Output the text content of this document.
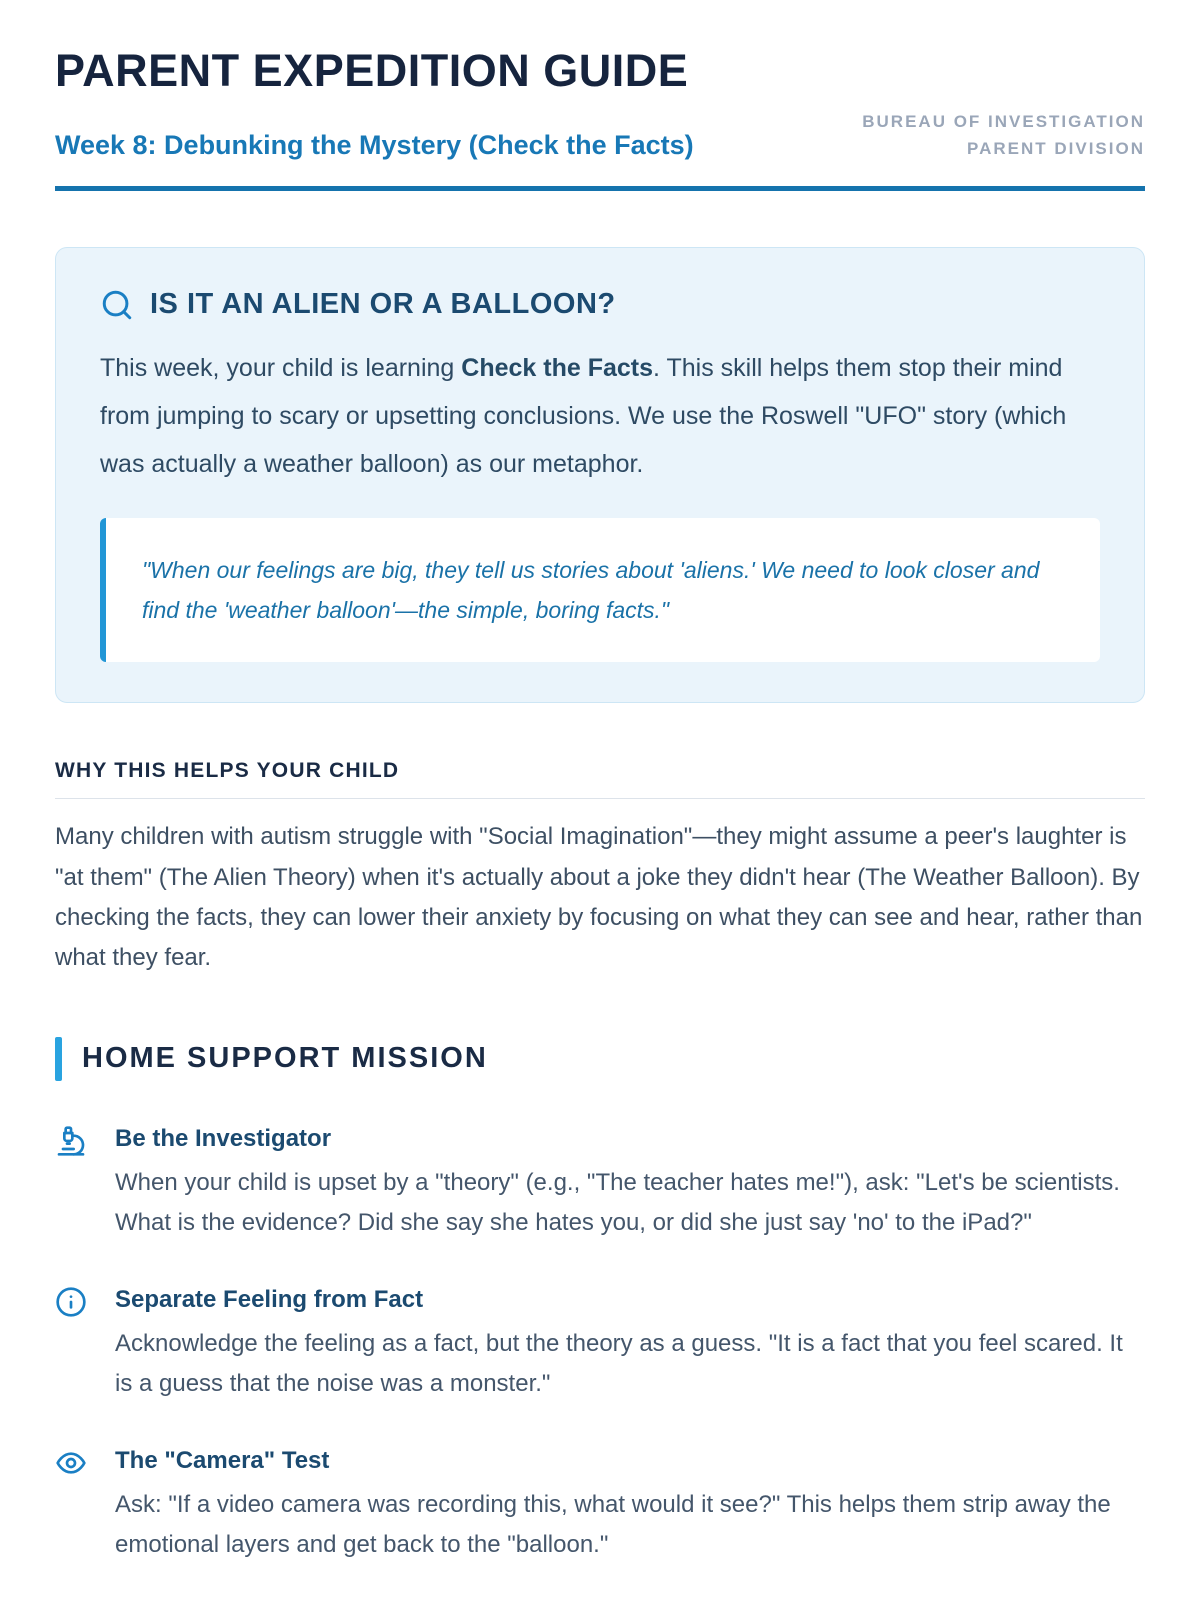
PARENT EXPEDITION GUIDE
Week 8: Debunking the Mystery (Check the Facts)
BUREAU OF INVESTIGATION
PARENT DIVISION
IS IT AN ALIEN OR A BALLOON?
This week, your child is learning Check the Facts. This skill helps them stop their mind from jumping to scary or upsetting conclusions. We use the Roswell "UFO" story (which was actually a weather balloon) as our metaphor.
"When our feelings are big, they tell us stories about 'aliens.' We need to look closer and find the 'weather balloon'—the simple, boring facts."
WHY THIS HELPS YOUR CHILD
Many children with autism struggle with "Social Imagination"—they might assume a peer's laughter is "at them" (The Alien Theory) when it's actually about a joke they didn't hear (The Weather Balloon). By checking the facts, they can lower their anxiety by focusing on what they can see and hear, rather than what they fear.
HOME SUPPORT MISSION
Be the Investigator
When your child is upset by a "theory" (e.g., "The teacher hates me!"), ask: "Let's be scientists. What is the evidence? Did she say she hates you, or did she just say 'no' to the iPad?"
Separate Feeling from Fact
Acknowledge the feeling as a fact, but the theory as a guess. "It is a fact that you feel scared. It is a guess that the noise was a monster."
The "Camera" Test
Ask: "If a video camera was recording this, what would it see?" This helps them strip away the emotional layers and get back to the "balloon."
